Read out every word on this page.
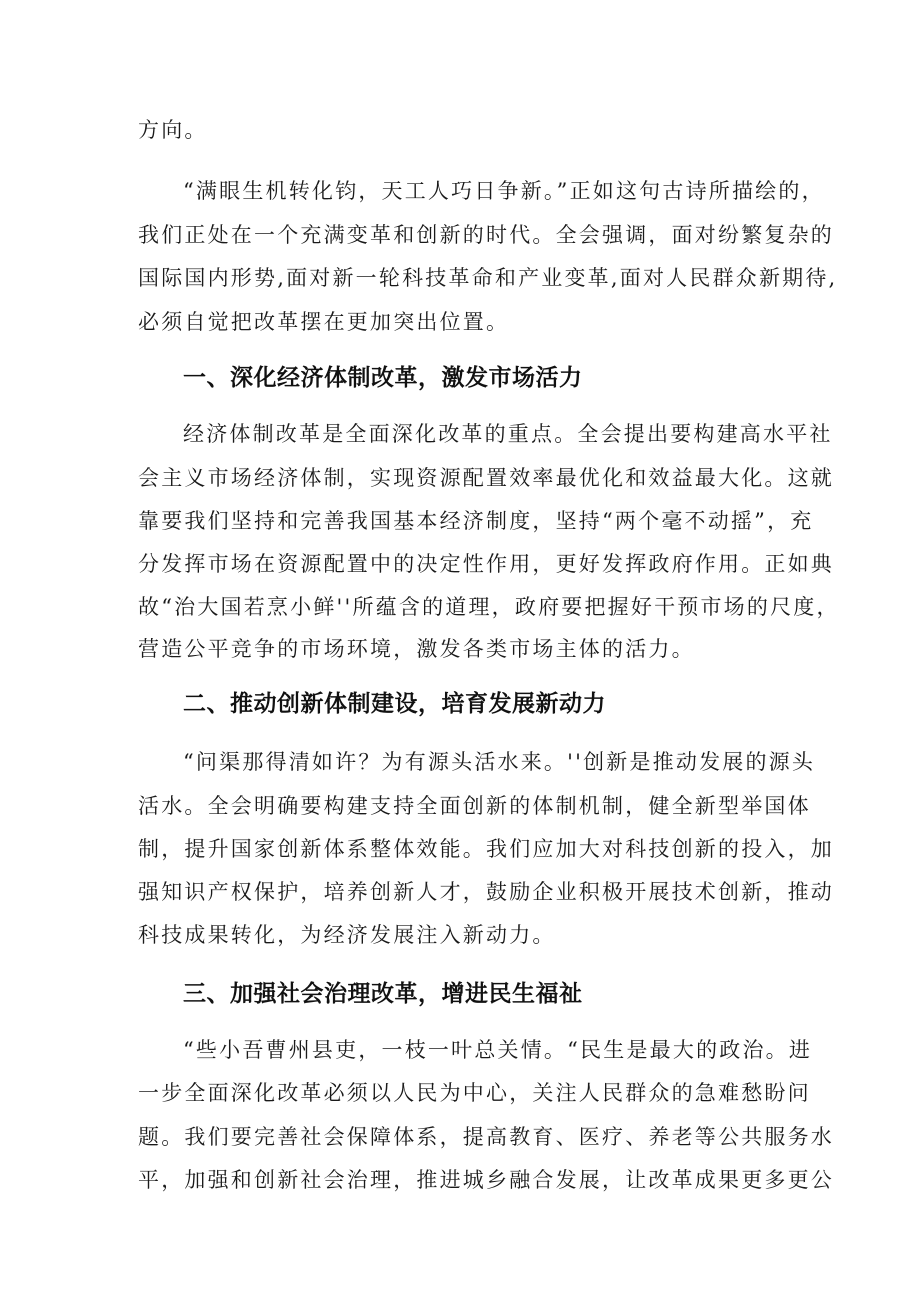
方向。
“满眼生机转化钧，天工人巧日争新。”正如这句古诗所描绘的，
我们正处在一个充满变革和创新的时代。全会强调，面对纷繁复杂的
国际国内形势,面对新一轮科技革命和产业变革,面对人民群众新期待,
必须自觉把改革摆在更加突出位置。
一、深化经济体制改革，激发市场活力
经济体制改革是全面深化改革的重点。全会提出要构建高水平社
会主义市场经济体制，实现资源配置效率最优化和效益最大化。这就
靠要我们坚持和完善我国基本经济制度，坚持“两个毫不动摇”，充
分发挥市场在资源配置中的决定性作用，更好发挥政府作用。正如典
故“治大国若烹小鲜''所蕴含的道理，政府要把握好干预市场的尺度，
营造公平竞争的市场环境，激发各类市场主体的活力。
二、推动创新体制建设，培育发展新动力
“问渠那得清如许？为有源头活水来。''创新是推动发展的源头
活水。全会明确要构建支持全面创新的体制机制，健全新型举国体
制，提升国家创新体系整体效能。我们应加大对科技创新的投入，加
强知识产权保护，培养创新人才，鼓励企业积极开展技术创新，推动
科技成果转化，为经济发展注入新动力。
三、加强社会治理改革，增进民生福祉
“些小吾曹州县吏，一枝一叶总关情。“民生是最大的政治。进
一步全面深化改革必须以人民为中心，关注人民群众的急难愁盼问
题。我们要完善社会保障体系，提高教育、医疗、养老等公共服务水
平，加强和创新社会治理，推进城乡融合发展，让改革成果更多更公
